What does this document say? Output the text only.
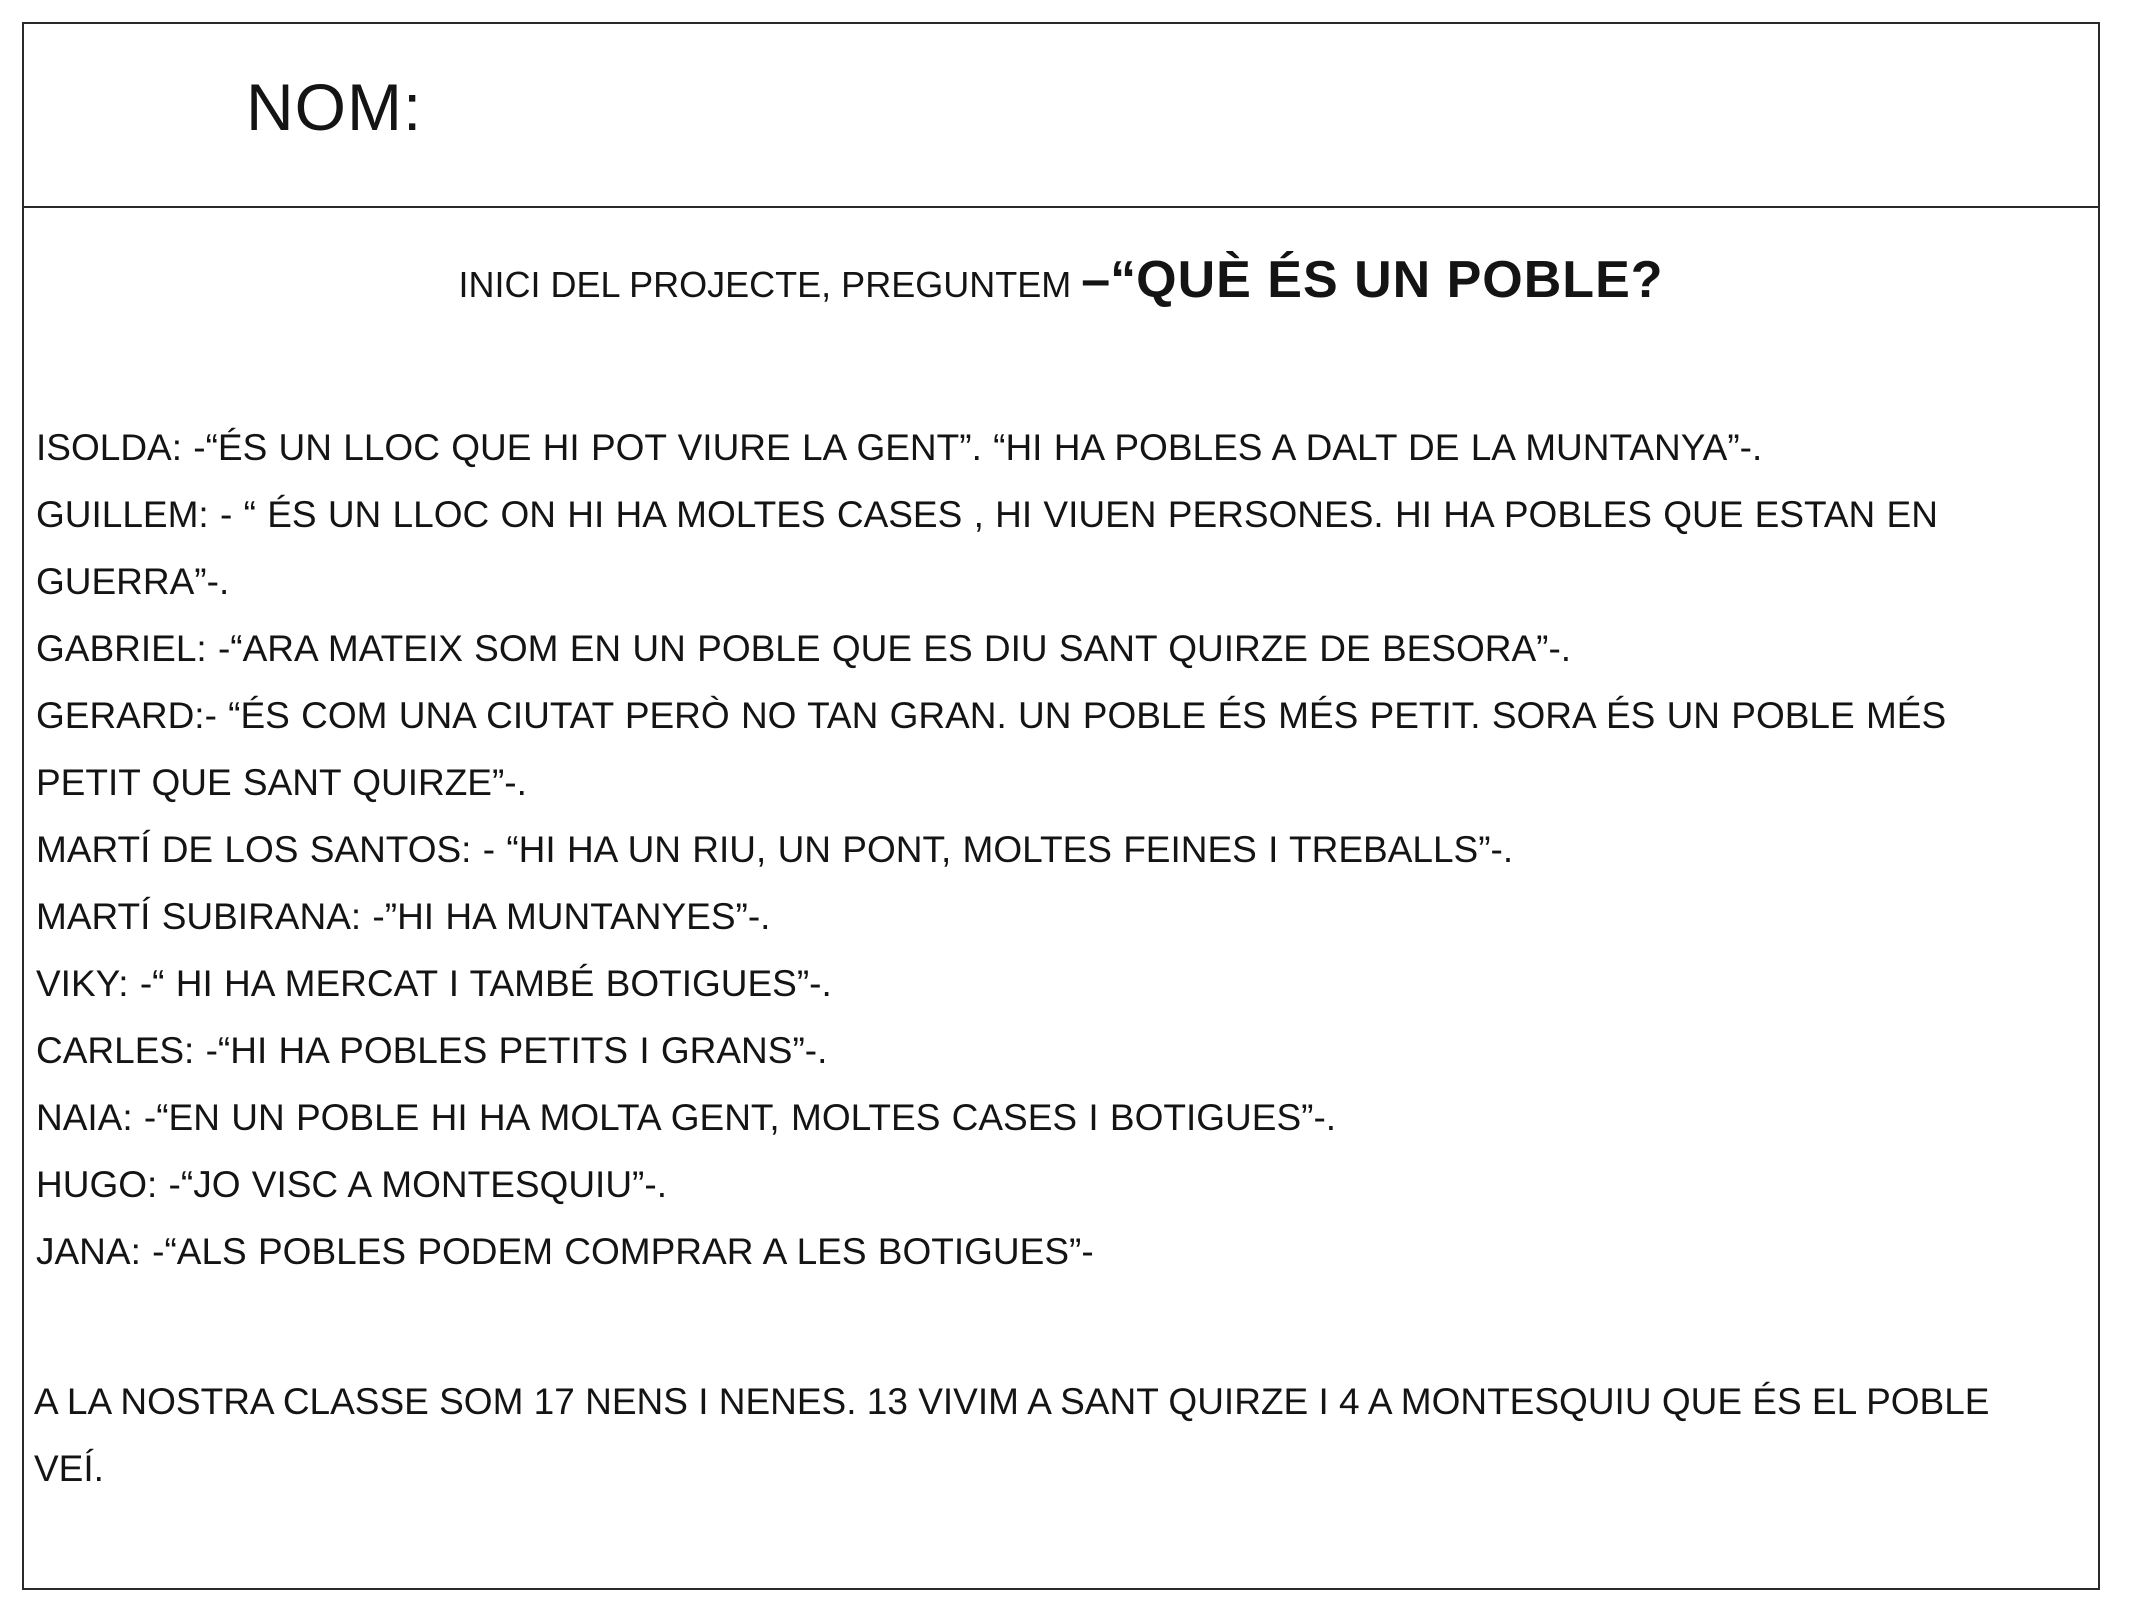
NOM:
INICI DEL PROJECTE, PREGUNTEM –“QUÈ ÉS UN POBLE?
ISOLDA: -“ÉS UN LLOC QUE HI POT VIURE LA GENT”. “HI HA POBLES A DALT DE LA MUNTANYA”-.
GUILLEM: - “ ÉS UN LLOC ON HI HA MOLTES CASES , HI VIUEN PERSONES. HI HA POBLES QUE ESTAN EN GUERRA”-.
GABRIEL: -“ARA MATEIX SOM EN UN POBLE QUE ES DIU SANT QUIRZE DE BESORA”-.
GERARD:- “ÉS COM UNA CIUTAT PERÒ NO TAN GRAN. UN POBLE ÉS MÉS PETIT. SORA ÉS UN POBLE MÉS PETIT QUE SANT QUIRZE”-.
MARTÍ DE LOS SANTOS: - “HI HA UN RIU, UN PONT, MOLTES FEINES I TREBALLS”-.
MARTÍ SUBIRANA: -”HI HA MUNTANYES”-.
VIKY: -“ HI HA MERCAT I TAMBÉ BOTIGUES”-.
CARLES: -“HI HA POBLES PETITS I GRANS”-.
NAIA: -“EN UN POBLE HI HA MOLTA GENT, MOLTES CASES I BOTIGUES”-.
HUGO: -“JO VISC A MONTESQUIU”-.
JANA: -“ALS POBLES PODEM COMPRAR A LES BOTIGUES”-
A LA NOSTRA CLASSE SOM 17 NENS I NENES. 13 VIVIM A SANT QUIRZE I 4 A MONTESQUIU QUE ÉS EL POBLE VEÍ.
